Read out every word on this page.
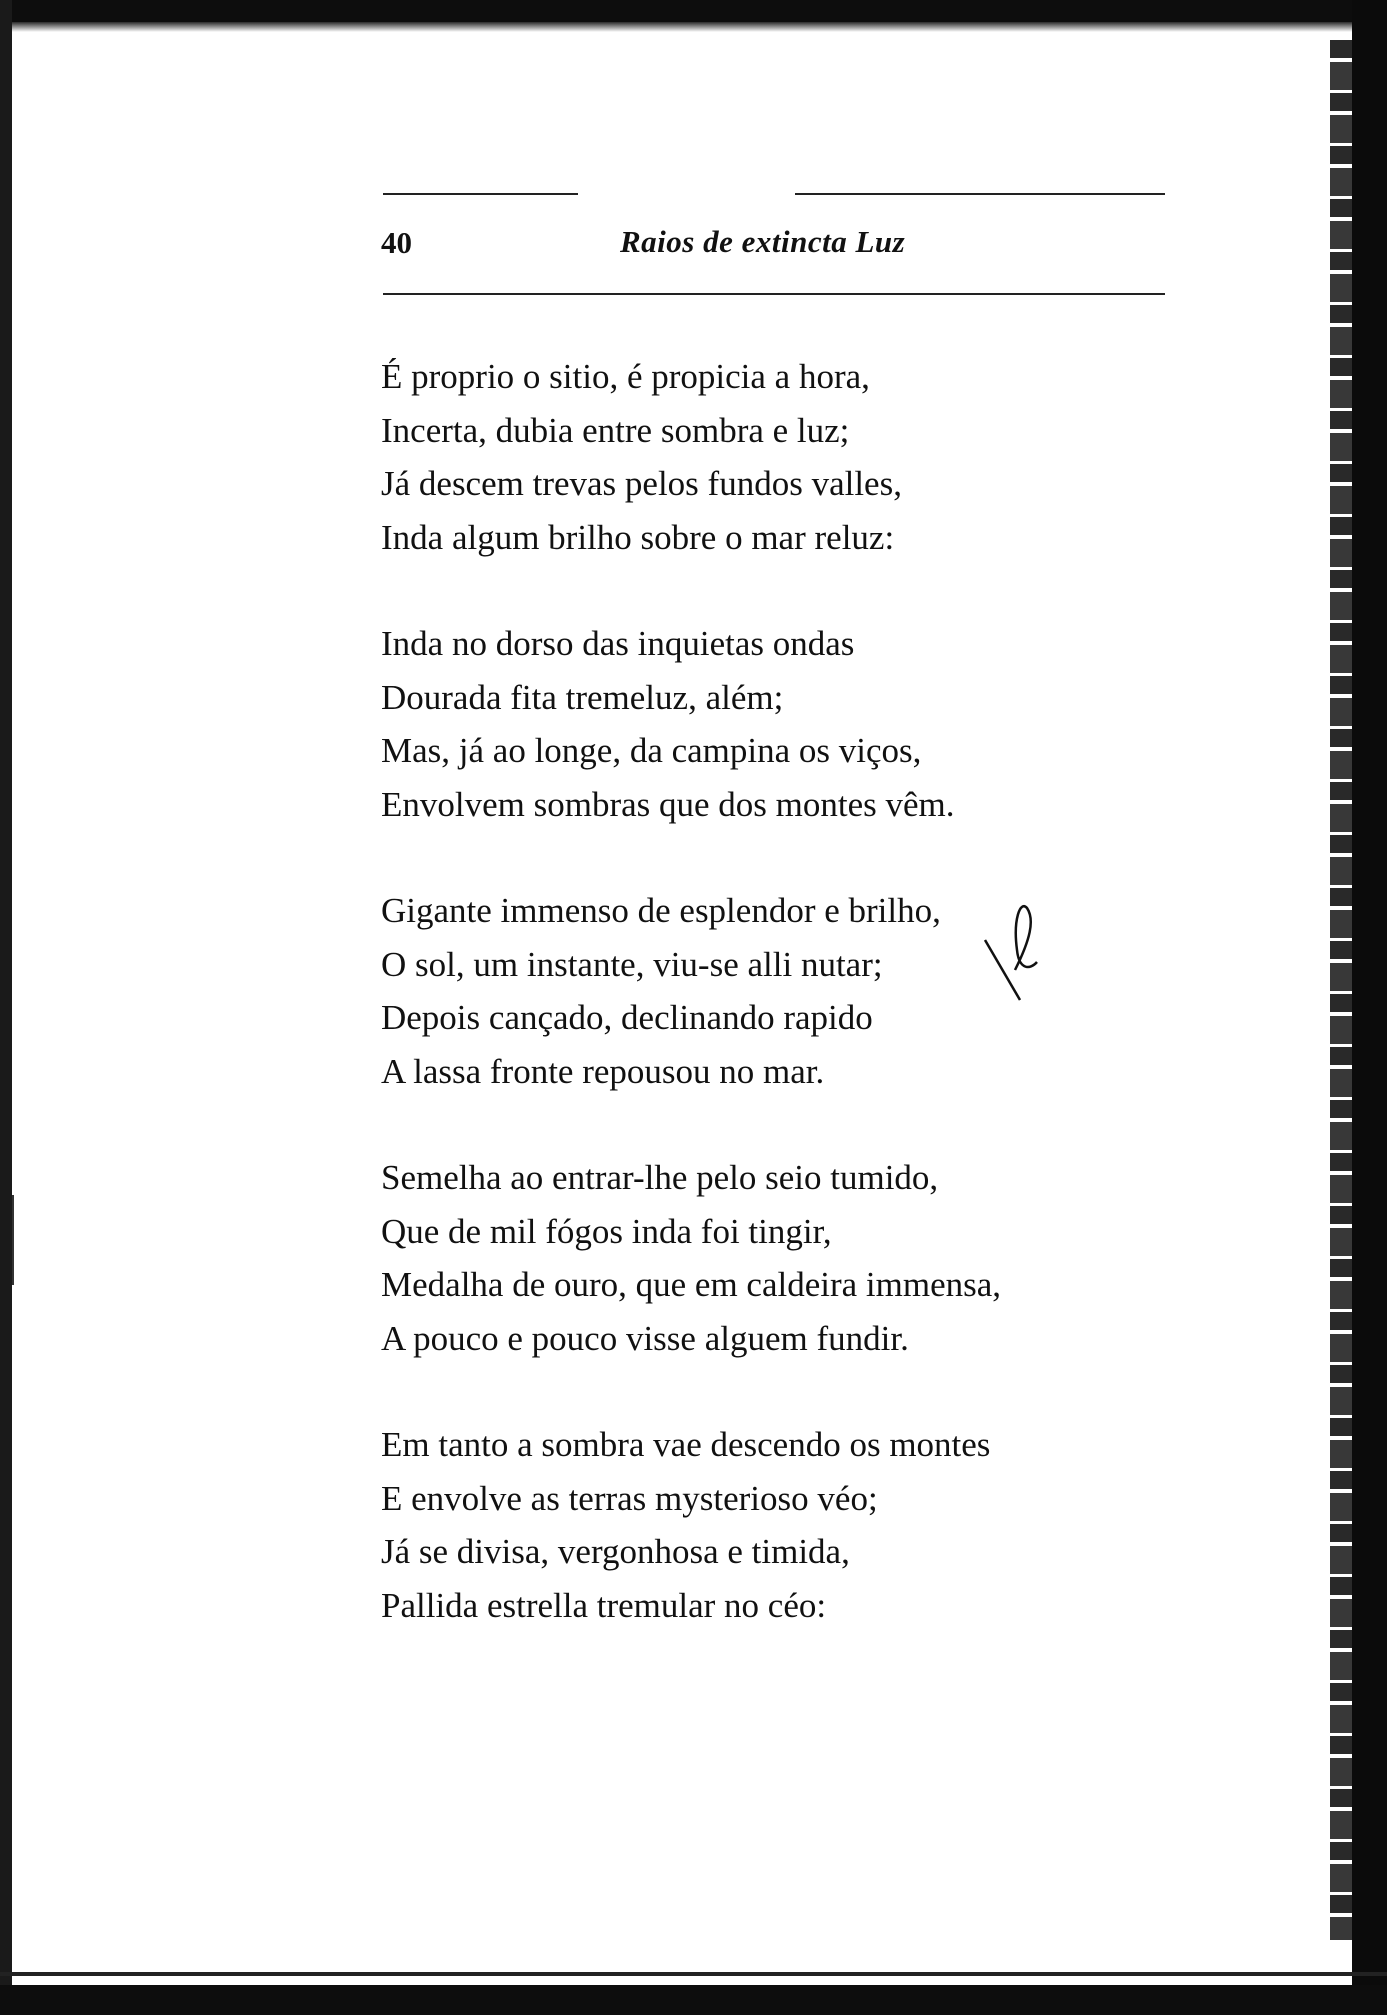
40	Raios de extincta Luz
É proprio o sitio, é propicia a hora,
Incerta, dubia entre sombra e luz;
Já descem trevas pelos fundos valles,
Inda algum brilho sobre o mar reluz:
Inda no dorso das inquietas ondas
Dourada fita tremeluz, além;
Mas, já ao longe, da campina os viços,
Envolvem sombras que dos montes vêm.
Gigante immenso de esplendor e brilho,
O sol, um instante, viu-se alli nutar;
Depois cançado, declinando rapido
A lassa fronte repousou no mar.
Semelha ao entrar-lhe pelo seio tumido,
Que de mil fógos inda foi tingir,
Medalha de ouro, que em caldeira immensa,
A pouco e pouco visse alguem fundir.
Em tanto a sombra vae descendo os montes
E envolve as terras mysterioso véo;
Já se divisa, vergonhosa e timida,
Pallida estrella tremular no céo:
